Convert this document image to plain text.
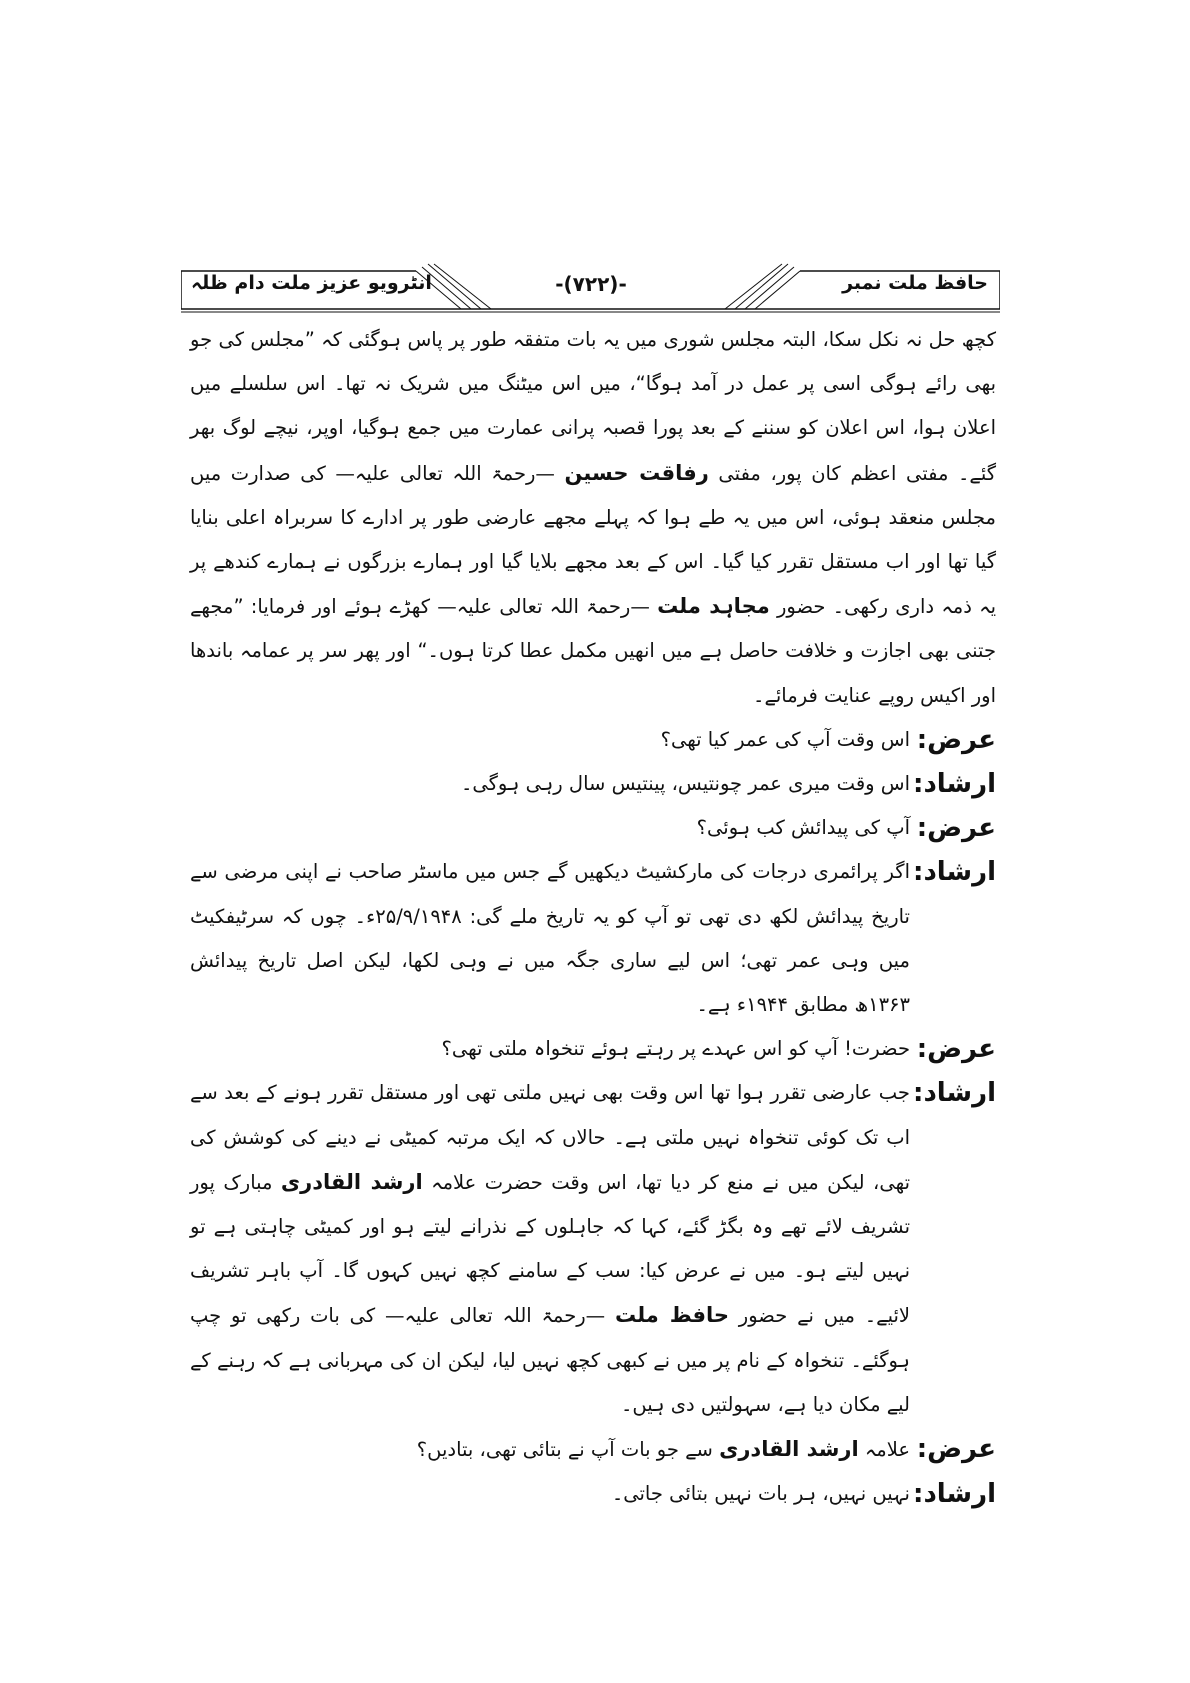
حافظ ملت نمبر
-(۷۲۲)-
انٹرویو عزیز ملت دام ظلہ

کچھ حل نہ نکل سکا، البتہ مجلس شوری میں یہ بات متفقہ طور پر پاس ہوگئی کہ ”مجلس کی جو بھی رائے ہوگی اسی پر عمل در آمد ہوگا“، میں اس میٹنگ میں شریک نہ تھا۔ اس سلسلے میں اعلان ہوا، اس اعلان کو سننے کے بعد پورا قصبہ پرانی عمارت میں جمع ہوگیا، اوپر، نیچے لوگ بھر گئے۔ مفتی اعظم کان پور، مفتی رفاقت حسین —رحمۃ اللہ تعالی علیہ— کی صدارت میں مجلس منعقد ہوئی، اس میں یہ طے ہوا کہ پہلے مجھے عارضی طور پر ادارے کا سربراہ اعلی بنایا گیا تھا اور اب مستقل تقرر کیا گیا۔ اس کے بعد مجھے بلایا گیا اور ہمارے بزرگوں نے ہمارے کندھے پر یہ ذمہ داری رکھی۔ حضور مجاہد ملت —رحمۃ اللہ تعالی علیہ— کھڑے ہوئے اور فرمایا: ”مجھے جتنی بھی اجازت و خلافت حاصل ہے میں انھیں مکمل عطا کرتا ہوں۔“ اور پھر سر پر عمامہ باندھا اور اکیس روپے عنایت فرمائے۔

عرض:
اس وقت آپ کی عمر کیا تھی؟
ارشاد:
اس وقت میری عمر چونتیس، پینتیس سال رہی ہوگی۔
عرض:
آپ کی پیدائش کب ہوئی؟
ارشاد:
اگر پرائمری درجات کی مارکشیٹ دیکھیں گے جس میں ماسٹر صاحب نے اپنی مرضی سے تاریخ پیدائش لکھ دی تھی تو آپ کو یہ تاریخ ملے گی: ۲۵/۹/۱۹۴۸ء۔ چوں کہ سرٹیفکیٹ میں وہی عمر تھی؛ اس لیے ساری جگہ میں نے وہی لکھا، لیکن اصل تاریخ پیدائش ۱۳۶۳ھ مطابق ۱۹۴۴ء ہے۔
عرض:
حضرت! آپ کو اس عہدے پر رہتے ہوئے تنخواہ ملتی تھی؟
ارشاد:
جب عارضی تقرر ہوا تھا اس وقت بھی نہیں ملتی تھی اور مستقل تقرر ہونے کے بعد سے اب تک کوئی تنخواہ نہیں ملتی ہے۔ حالاں کہ ایک مرتبہ کمیٹی نے دینے کی کوشش کی تھی، لیکن میں نے منع کر دیا تھا، اس وقت حضرت علامہ ارشد القادری مبارک پور تشریف لائے تھے وہ بگڑ گئے، کہا کہ جاہلوں کے نذرانے لیتے ہو اور کمیٹی چاہتی ہے تو نہیں لیتے ہو۔ میں نے عرض کیا: سب کے سامنے کچھ نہیں کہوں گا۔ آپ باہر تشریف لائیے۔ میں نے حضور حافظ ملت —رحمۃ اللہ تعالی علیہ— کی بات رکھی تو چپ ہوگئے۔ تنخواہ کے نام پر میں نے کبھی کچھ نہیں لیا، لیکن ان کی مہربانی ہے کہ رہنے کے لیے مکان دیا ہے، سہولتیں دی ہیں۔
عرض:
علامہ ارشد القادری سے جو بات آپ نے بتائی تھی، بتادیں؟
ارشاد:
نہیں نہیں، ہر بات نہیں بتائی جاتی۔
